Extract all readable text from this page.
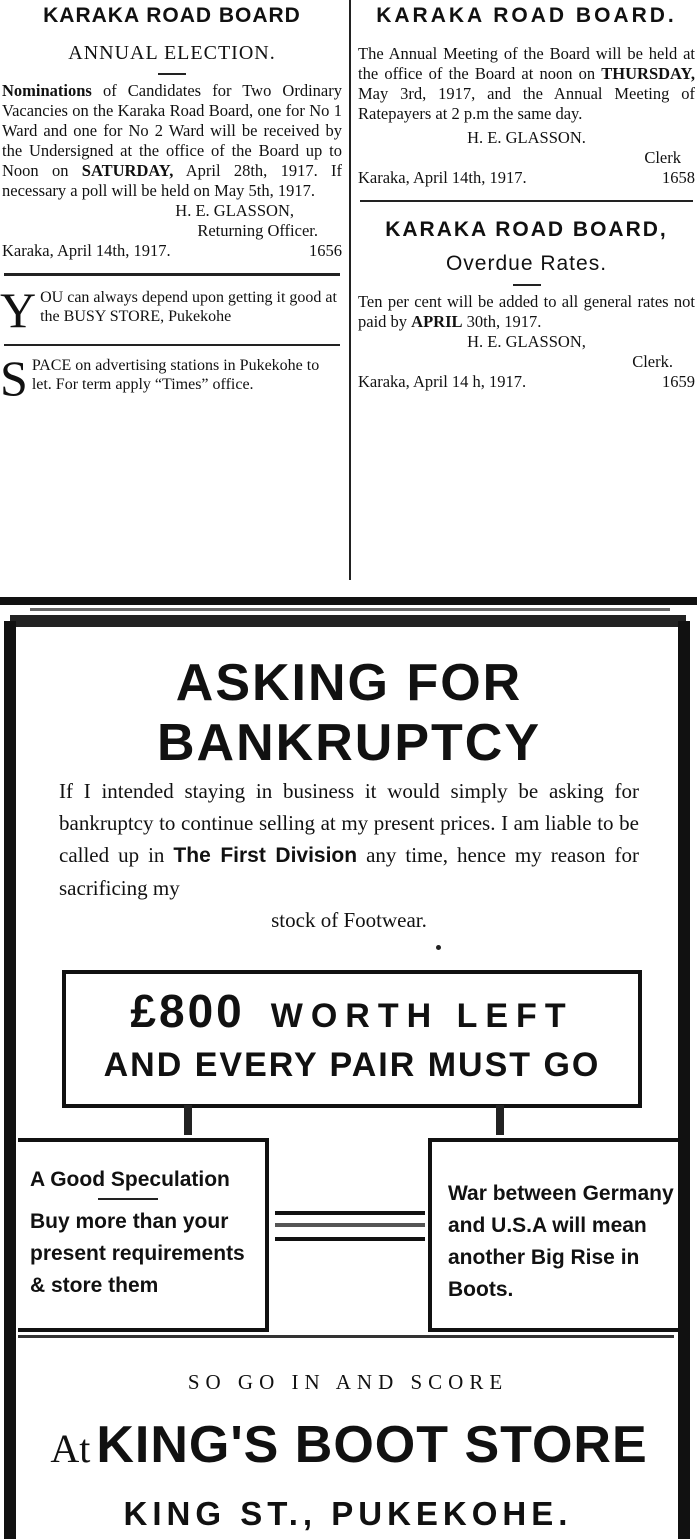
KARAKA ROAD BOARD
ANNUAL ELECTION.

Nominations of Candidates for Two Ordinary Vacancies on the Karaka Road Board, one for No 1 Ward and one for No 2 Ward will be received by the Undersigned at the office of the Board up to Noon on SATURDAY, April 28th, 1917. If necessary a poll will be held on May 5th, 1917.

H. E. GLASSON,

Returning Officer.

Karaka, April 14th, 1917.	1656
Y OU can always depend upon getting it good at the BUSY STORE, Pukekohe

S PACE on advertising stations in Pukekohe to let. For term apply “Times” office.

KARAKA ROAD BOARD.

The Annual Meeting of the Board will be held at the office of the Board at noon on THURSDAY, May 3rd, 1917, and the Annual Meeting of Ratepayers at 2 p.m the same day.

H. E. GLASSON.

Clerk

Karaka, April 14th, 1917.	1658
KARAKA ROAD BOARD,
Overdue Rates.

Ten per cent will be added to all general rates not paid by APRIL 30th, 1917.

H. E. GLASSON,

Clerk.

Karaka, April 14 h, 1917.	1659
ASKING FOR BANKRUPTCY
If I intended staying in business it would simply be asking for bankruptcy to continue selling at my present prices. I am liable to be called up in The First Division any time, hence my reason for sacrificing my
stock of Footwear.
£800 WORTH LEFT
AND EVERY PAIR MUST GO
A Good Speculation
Buy more than your present requirements & store them
War between Germany and U.S.A will mean another Big Rise in Boots.
SO GO IN AND SCORE
At KING'S BOOT STORE
KING ST., PUKEKOHE.
